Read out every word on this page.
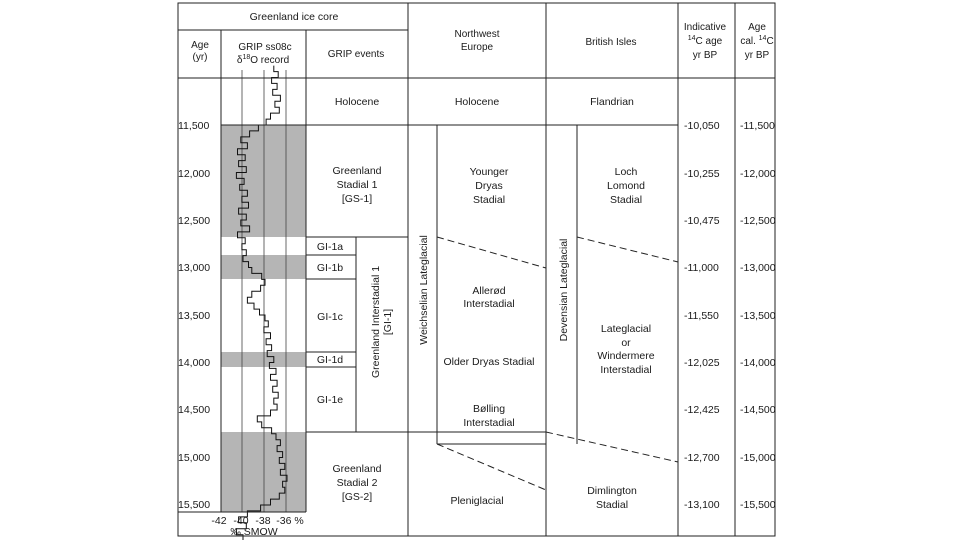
Greenland ice core
Age
(yr)
GRIP ss08c
$\delta^{18}O$ record
GRIP events
Northwest
Europe	British Isles
Indicative
$^{14}$C age
yr BP
Age
cal. $^{14}$C
yr BP
11,500
12,000
12,500
13,000
13,500
14,000
14,500
15,000
15,500
-42 -40 -38 -36 %
‰ SMOW
Holocene
Greenland
Stadial 1
[GS-1]
GI-1a
GI-1b
GI-1c
GI-1d
GI-1e
Greenland
Stadial 2
[GS-2]
Greenland Interstadial 1 [GI-1]
Holocene
Weichselian Lateglacial
Younger
Dryas
Stadial
Allerød
Interstadial
Older Dryas Stadial
Bølling
Interstadial
Pleniglacial
Flandrian
Devensian Lateglacial
Loch
Lomond
Stadial
Lateglacial
or
Windermere
Interstadial
Dimlington
Stadial
-10,050
-10,255
-10,475
-11,000
-11,550
-12,025
-12,425
-12,700
-13,100
-11,500
-12,000
-12,500
-13,000
-13,500
-14,000
-14,500
-15,000
-15,500
